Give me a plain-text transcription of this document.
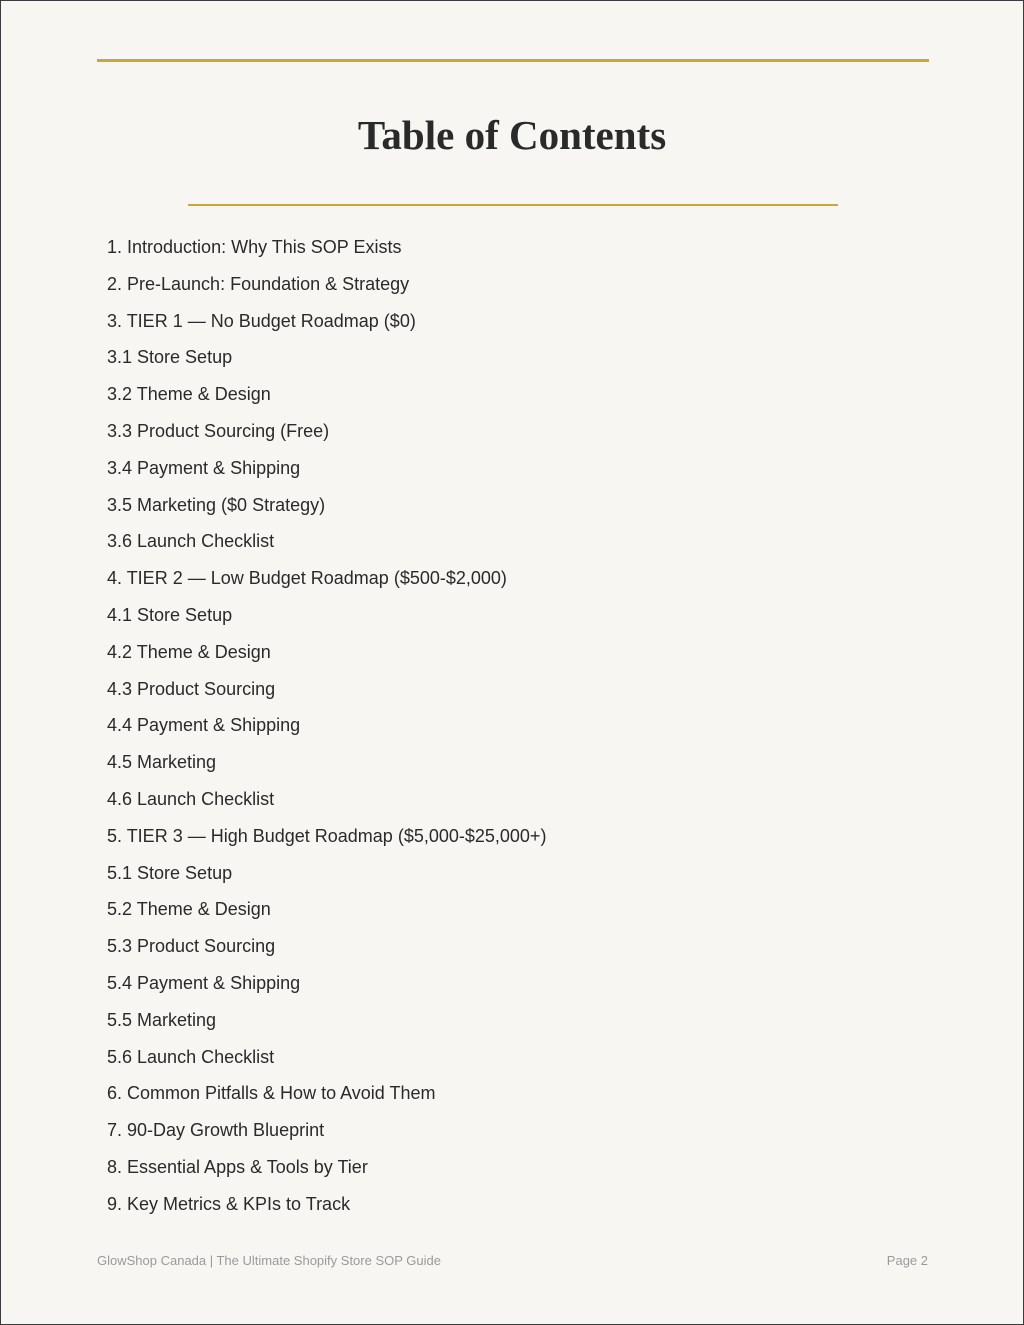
Table of Contents
1. Introduction: Why This SOP Exists
2. Pre-Launch: Foundation & Strategy
3. TIER 1 — No Budget Roadmap ($0)
3.1 Store Setup
3.2 Theme & Design
3.3 Product Sourcing (Free)
3.4 Payment & Shipping
3.5 Marketing ($0 Strategy)
3.6 Launch Checklist
4. TIER 2 — Low Budget Roadmap ($500-$2,000)
4.1 Store Setup
4.2 Theme & Design
4.3 Product Sourcing
4.4 Payment & Shipping
4.5 Marketing
4.6 Launch Checklist
5. TIER 3 — High Budget Roadmap ($5,000-$25,000+)
5.1 Store Setup
5.2 Theme & Design
5.3 Product Sourcing
5.4 Payment & Shipping
5.5 Marketing
5.6 Launch Checklist
6. Common Pitfalls & How to Avoid Them
7. 90-Day Growth Blueprint
8. Essential Apps & Tools by Tier
9. Key Metrics & KPIs to Track
GlowShop Canada | The Ultimate Shopify Store SOP Guide	Page 2
